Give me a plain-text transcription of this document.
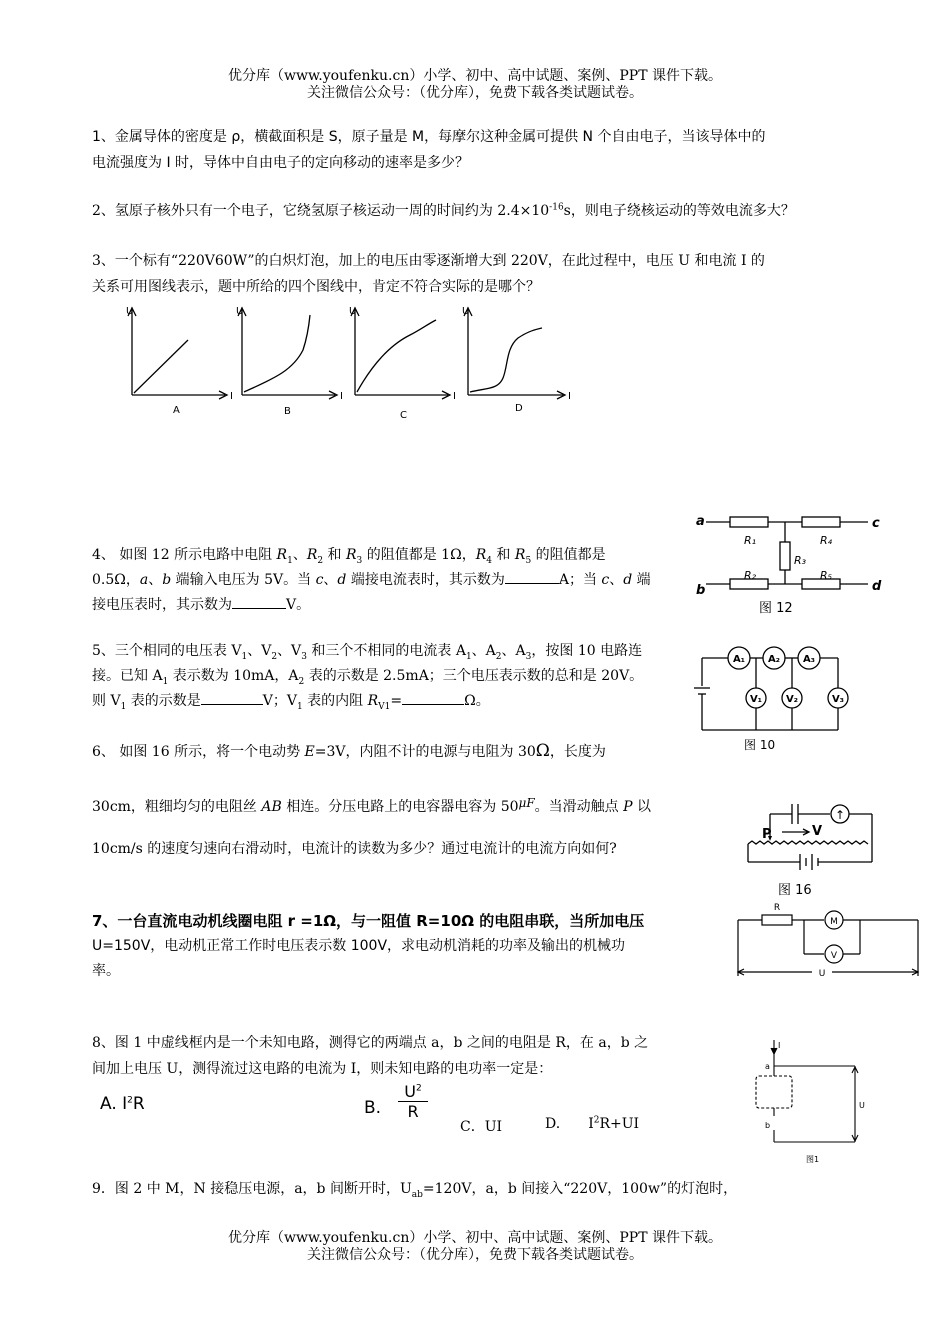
优分库（www.youfenku.cn）小学、初中、高中试题、案例、PPT 课件下载。
关注微信公众号：（优分库），免费下载各类试题试卷。
1、金属导体的密度是 ρ，横截面积是 S，原子量是 M，每摩尔这种金属可提供 N 个自由电子，当该导体中的
电流强度为 I 时，导体中自由电子的定向移动的速率是多少？
2、氢原子核外只有一个电子，它绕氢原子核运动一周的时间约为 $2.4\times 10^{-16}s$，则电子绕核运动的等效电流多大？
3、一个标有“220V60W”的白炽灯泡，加上的电压由零逐渐增大到 220V，在此过程中，电压 U 和电流 I 的
关系可用图线表示，题中所给的四个图线中，肯定不符合实际的是哪个？
U
I
A
U
I
B
U
I
C
U
I
D
4、 如图 12 所示电路中电阻 $R_1$、$R_2$ 和 $R_3$ 的阻值都是 1Ω，$R_4$ 和 $R_5$ 的阻值都是
0.5Ω，a、b 端输入电压为 5V。当 c、d 端接电流表时，其示数为	A；当 c、d 端
接电压表时，其示数为	V。
a	c
b	d
R₁	R₄
R₃
R₂	R₅
图 12
5、三个相同的电压表 $V_1$、$V_2$、$V_3$ 和三个不相同的电流表 $A_1$、$A_2$、$A_3$，按图 10 电路连
接。已知 $A_1$ 表示数为 10mA，$A_2$ 表的示数是 2.5mA；三个电压表示数的总和是 20V。
则 $V_1$ 表的示数是	V；$V_1$ 表的内阻 $R_{V1}=$	Ω。
A₁ A₂ A₃
V₁ V₂	V₃
图 10
6、 如图 16 所示，将一个电动势 E=3V，内阻不计的电源与电阻为 30Ω，长度为
30cm，粗细均匀的电阻丝 AB 相连。分压电路上的电容器电容为 50μF。当滑动触点 P 以
10cm/s 的速度匀速向右滑动时，电流计的读数为多少？通过电流计的电流方向如何?
P	V
↑
图 16
7、一台直流电动机线圈电阻 r =1Ω，与一阻值 R=10Ω 的电阻串联，当所加电压
U=150V，电动机正常工作时电压表示数 100V，求电动机消耗的功率及输出的机械功
率。
R
M
V
U
8、图 1 中虚线框内是一个未知电路，测得它的两端点 a，b 之间的电阻是 R，在 a，b 之
间加上电压 U，测得流过这电路的电流为 I，则未知电路的电功率一定是：
A. $I^2R$	B.
$U^2$
R
C．UI	D. $I^2R+UI$
I
a
b
U
图1
9．图 2 中 M，N 接稳压电源，a，b 间断开时，$U_{ab}=120V$，a，b 间接入“220V，100w”的灯泡时，
优分库（www.youfenku.cn）小学、初中、高中试题、案例、PPT 课件下载。
关注微信公众号：（优分库），免费下载各类试题试卷。
